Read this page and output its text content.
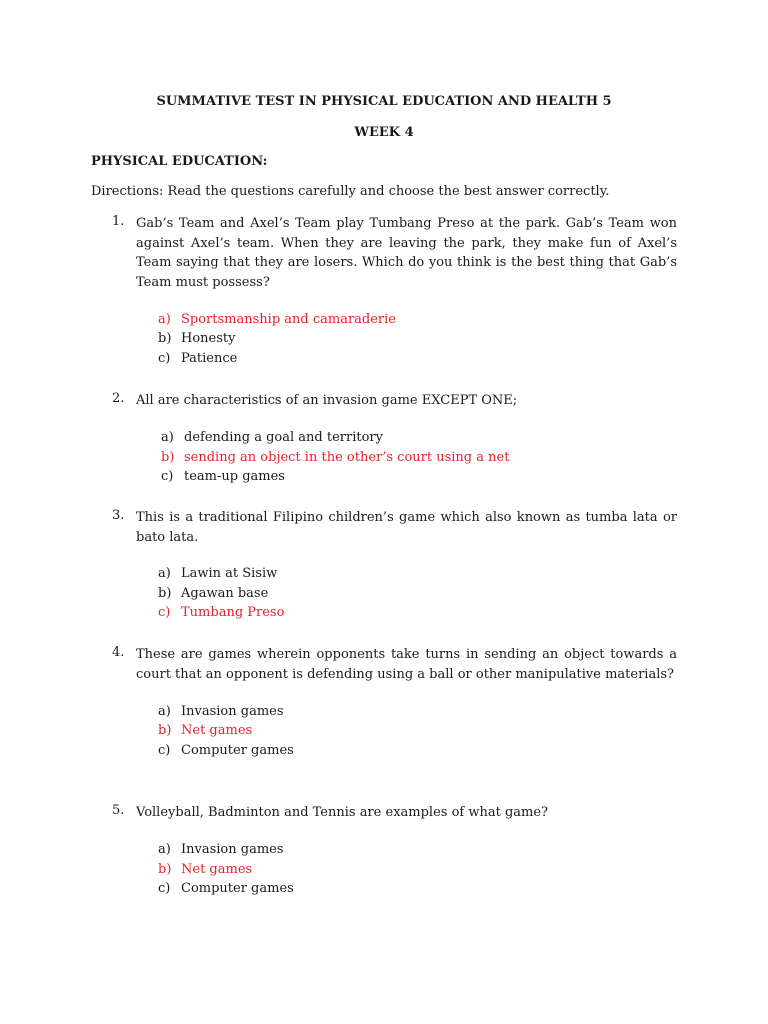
SUMMATIVE TEST IN PHYSICAL EDUCATION AND HEALTH 5
WEEK 4
PHYSICAL EDUCATION:
Directions: Read the questions carefully and choose the best answer correctly.
1. Gab’s Team and Axel’s Team play Tumbang Preso at the park. Gab’s Team won against Axel’s team. When they are leaving the park, they make fun of Axel’s Team saying that they are losers. Which do you think is the best thing that Gab’s Team must possess?
a) Sportsmanship and camaraderie
b) Honesty
c) Patience
2. All are characteristics of an invasion game EXCEPT ONE;
a) defending a goal and territory
b) sending an object in the other’s court using a net
c) team-up games
3. This is a traditional Filipino children’s game which also known as tumba lata or bato lata.
a) Lawin at Sisiw
b) Agawan base
c) Tumbang Preso
4. These are games wherein opponents take turns in sending an object towards a court that an opponent is defending using a ball or other manipulative materials?
a) Invasion games
b) Net games
c) Computer games
5. Volleyball, Badminton and Tennis are examples of what game?
a) Invasion games
b) Net games
c) Computer games
